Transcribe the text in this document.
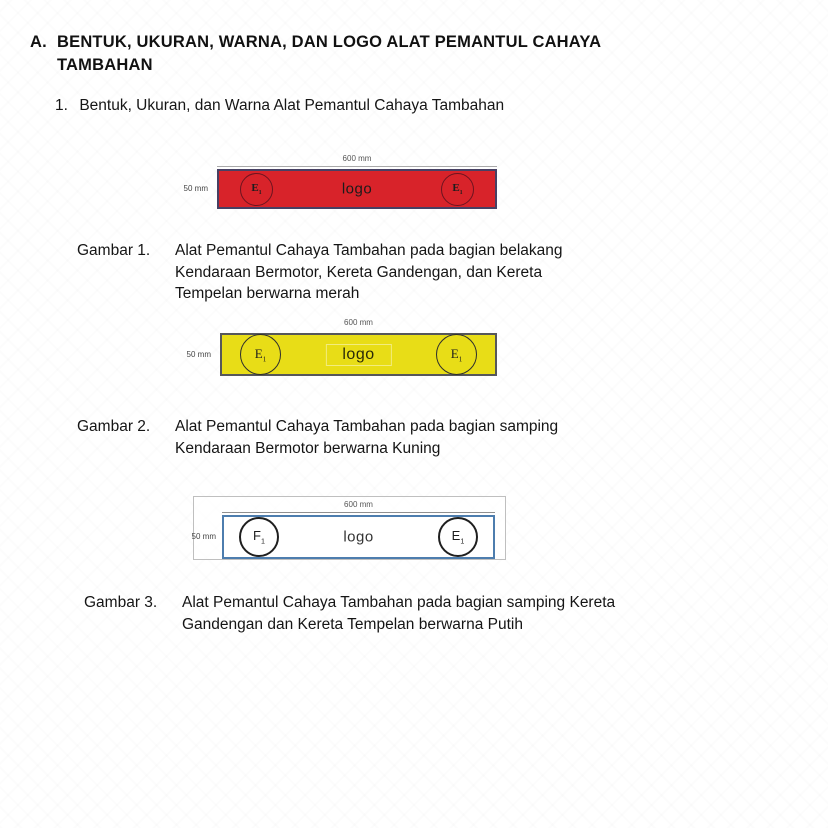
A. BENTUK, UKURAN, WARNA, DAN LOGO ALAT PEMANTUL CAHAYA TAMBAHAN
1. Bentuk, Ukuran, dan Warna Alat Pemantul Cahaya Tambahan
600 mm
$E_1$	logo	$E_1$
50 mm
Gambar 1.	Alat Pemantul Cahaya Tambahan pada bagian belakang Kendaraan Bermotor, Kereta Gandengan, dan Kereta Tempelan berwarna merah
600 mm
$E_1$	logo	$E_1$
50 mm
Gambar 2.	Alat Pemantul Cahaya Tambahan pada bagian samping Kendaraan Bermotor berwarna Kuning
600 mm
$F_1$	logo	$E_1$
50 mm
Gambar 3.	Alat Pemantul Cahaya Tambahan pada bagian samping Kereta Gandengan dan Kereta Tempelan berwarna Putih
